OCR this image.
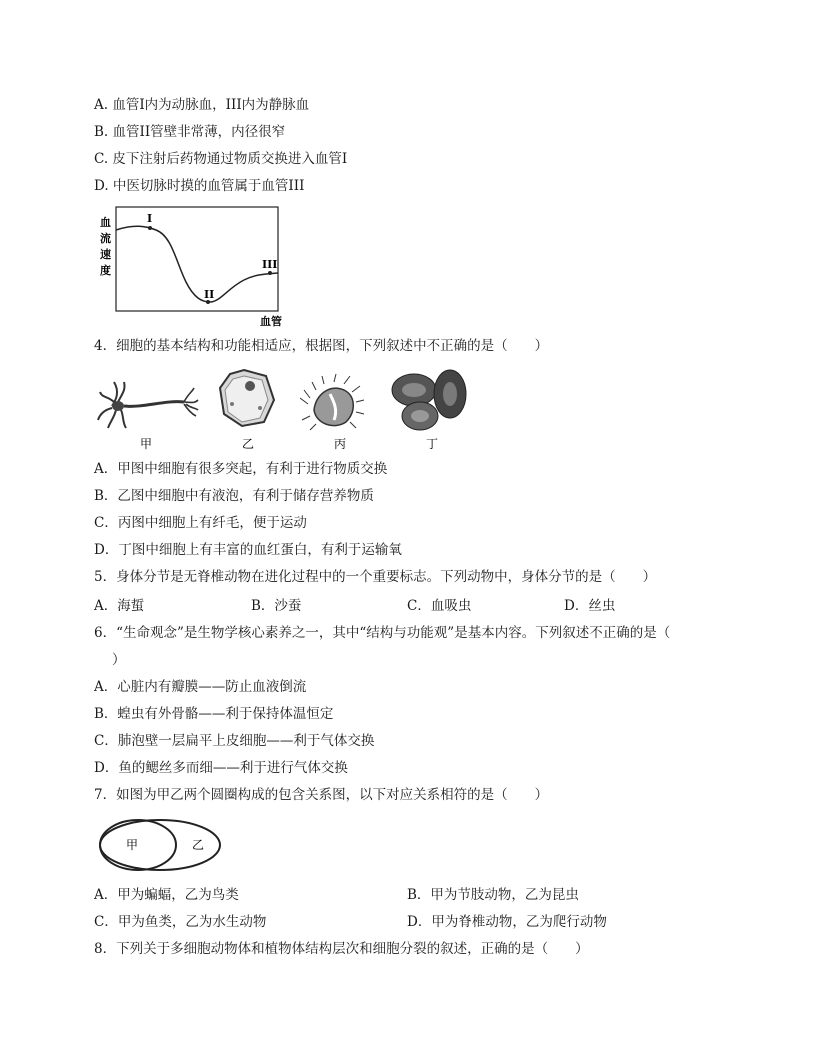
A. 血管I内为动脉血，III内为静脉血
B. 血管II管壁非常薄，内径很窄
C. 皮下注射后药物通过物质交换进入血管I
D. 中医切脉时摸的血管属于血管III
血
流
速
度
I
II
III
血管
4．细胞的基本结构和功能相适应，根据图，下列叙述中不正确的是（　　）
甲	乙	丙	丁
A．甲图中细胞有很多突起，有利于进行物质交换
B．乙图中细胞中有液泡，有利于储存营养物质
C．丙图中细胞上有纤毛，便于运动
D．丁图中细胞上有丰富的血红蛋白，有利于运输氧
5．身体分节是无脊椎动物在进化过程中的一个重要标志。下列动物中，身体分节的是（　　）
A．海蜇	B．沙蚕	C．血吸虫	D．丝虫
6．“生命观念”是生物学核心素养之一，其中“结构与功能观”是基本内容。下列叙述不正确的是（
）
A．心脏内有瓣膜——防止血液倒流
B．蝗虫有外骨骼——利于保持体温恒定
C．肺泡壁一层扁平上皮细胞——利于气体交换
D．鱼的鳃丝多而细——利于进行气体交换
7．如图为甲乙两个圆圈构成的包含关系图，以下对应关系相符的是（　　）
甲	乙
A．甲为蝙蝠，乙为鸟类	B．甲为节肢动物，乙为昆虫
C．甲为鱼类，乙为水生动物	D．甲为脊椎动物，乙为爬行动物
8．下列关于多细胞动物体和植物体结构层次和细胞分裂的叙述，正确的是（　　）
